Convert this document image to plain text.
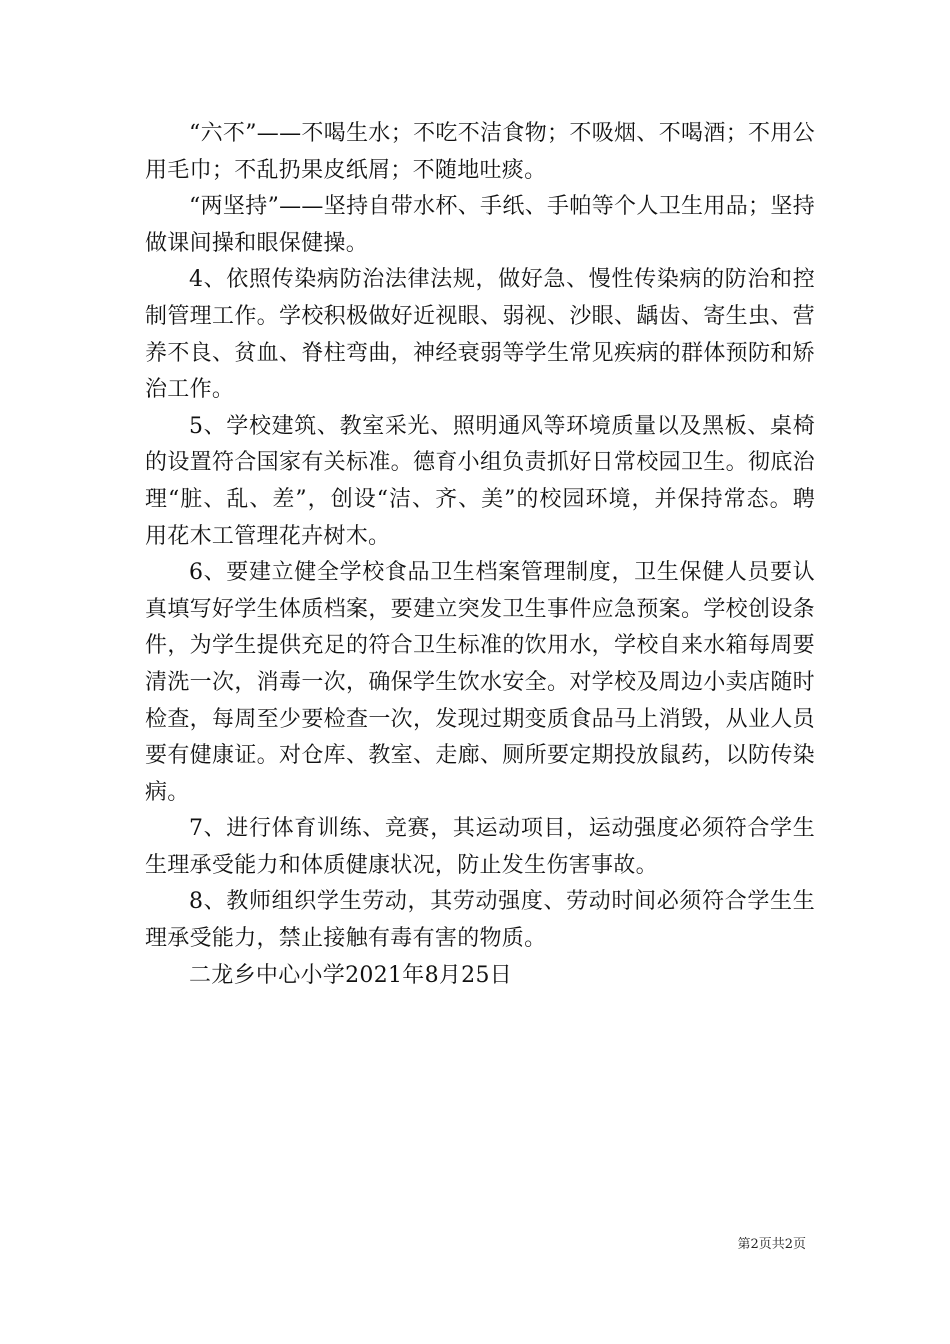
“六不”——不喝生水；不吃不洁食物；不吸烟、不喝酒；不用公用毛巾；不乱扔果皮纸屑；不随地吐痰。

“两坚持”——坚持自带水杯、手纸、手帕等个人卫生用品；坚持做课间操和眼保健操。

4、依照传染病防治法律法规，做好急、慢性传染病的防治和控制管理工作。学校积极做好近视眼、弱视、沙眼、龋齿、寄生虫、营养不良、贫血、脊柱弯曲，神经衰弱等学生常见疾病的群体预防和矫治工作。

5、学校建筑、教室采光、照明通风等环境质量以及黑板、桌椅的设置符合国家有关标准。德育小组负责抓好日常校园卫生。彻底治理“脏、乱、差”，创设“洁、齐、美”的校园环境，并保持常态。聘用花木工管理花卉树木。

6、要建立健全学校食品卫生档案管理制度，卫生保健人员要认真填写好学生体质档案，要建立突发卫生事件应急预案。学校创设条件，为学生提供充足的符合卫生标准的饮用水，学校自来水箱每周要清洗一次，消毒一次，确保学生饮水安全。对学校及周边小卖店随时检查，每周至少要检查一次，发现过期变质食品马上消毁，从业人员要有健康证。对仓库、教室、走廊、厕所要定期投放鼠药，以防传染病。

7、进行体育训练、竞赛，其运动项目，运动强度必须符合学生生理承受能力和体质健康状况，防止发生伤害事故。

8、教师组织学生劳动，其劳动强度、劳动时间必须符合学生生理承受能力，禁止接触有毒有害的物质。

二龙乡中心小学2021年8月25日

第2页共2页
